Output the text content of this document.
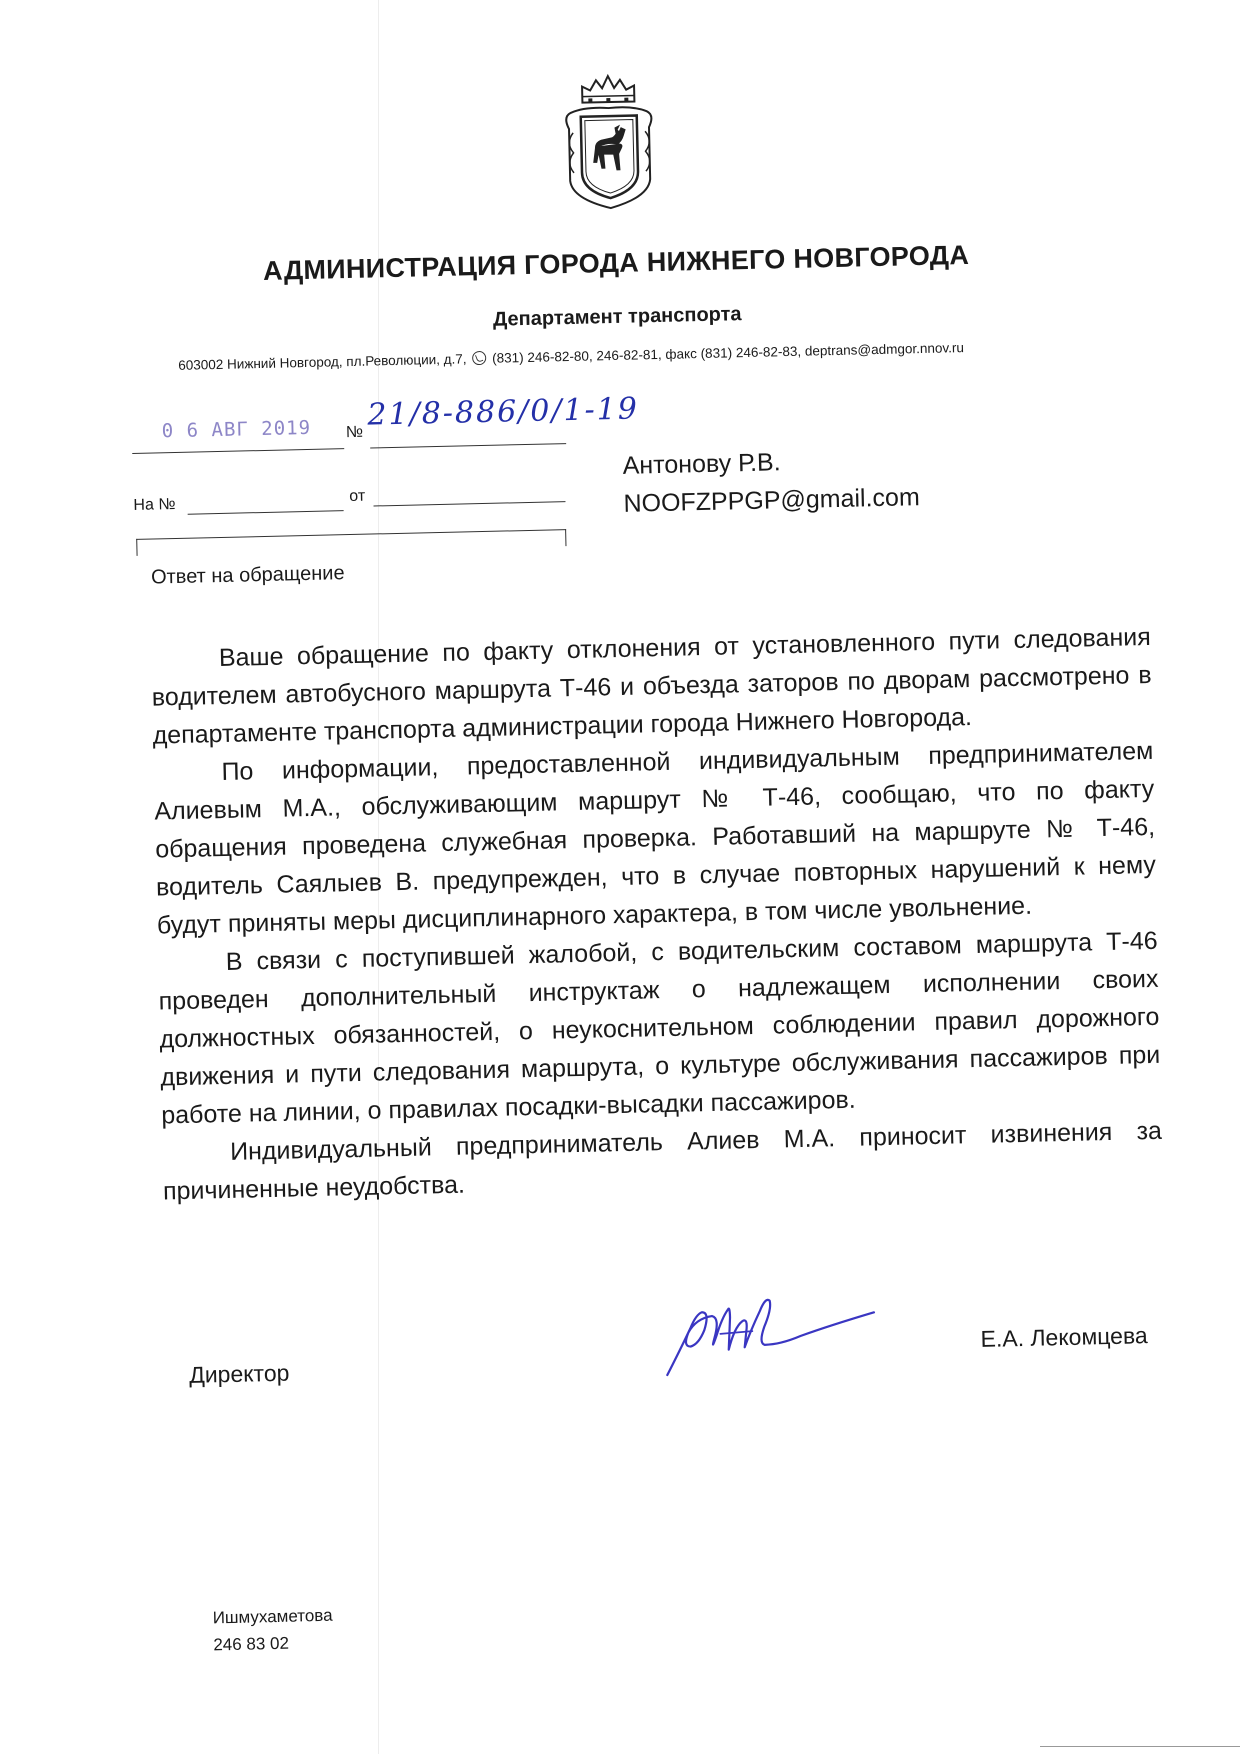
АДМИНИСТРАЦИЯ ГОРОДА НИЖНЕГО НОВГОРОДА
Департамент транспорта
603002 Нижний Новгород, пл.Революции, д.7, (831) 246-82-80, 246-82-81, факс (831) 246-82-83, deptrans@admgor.nnov.ru
0 6 АВГ 2019 № 21/8-886/0/1-19
На №	от
Антонову Р.В.
NOOFZPPGP@gmail.com
Ответ на обращение

Ваше обращение по факту отклонения от установленного пути следования водителем автобусного маршрута Т-46 и объезда заторов по дворам рассмотрено в департаменте транспорта администрации города Нижнего Новгорода.

По информации, предоставленной индивидуальным предпринимателем Алиевым М.А., обслуживающим маршрут № Т-46, сообщаю, что по факту обращения проведена служебная проверка. Работавший на маршруте № Т-46, водитель Саялыев В. предупрежден, что в случае повторных нарушений к нему будут приняты меры дисциплинарного характера, в том числе увольнение.

В связи с поступившей жалобой, с водительским составом маршрута Т-46 проведен дополнительный инструктаж о надлежащем исполнении своих должностных обязанностей, о неукоснительном соблюдении правил дорожного движения и пути следования маршрута, о культуре обслуживания пассажиров при работе на линии, о правилах посадки-высадки пассажиров.

Индивидуальный предприниматель Алиев М.А. приносит извинения за причиненные неудобства.

Директор
Е.А. Лекомцева
Ишмухаметова
246 83 02
